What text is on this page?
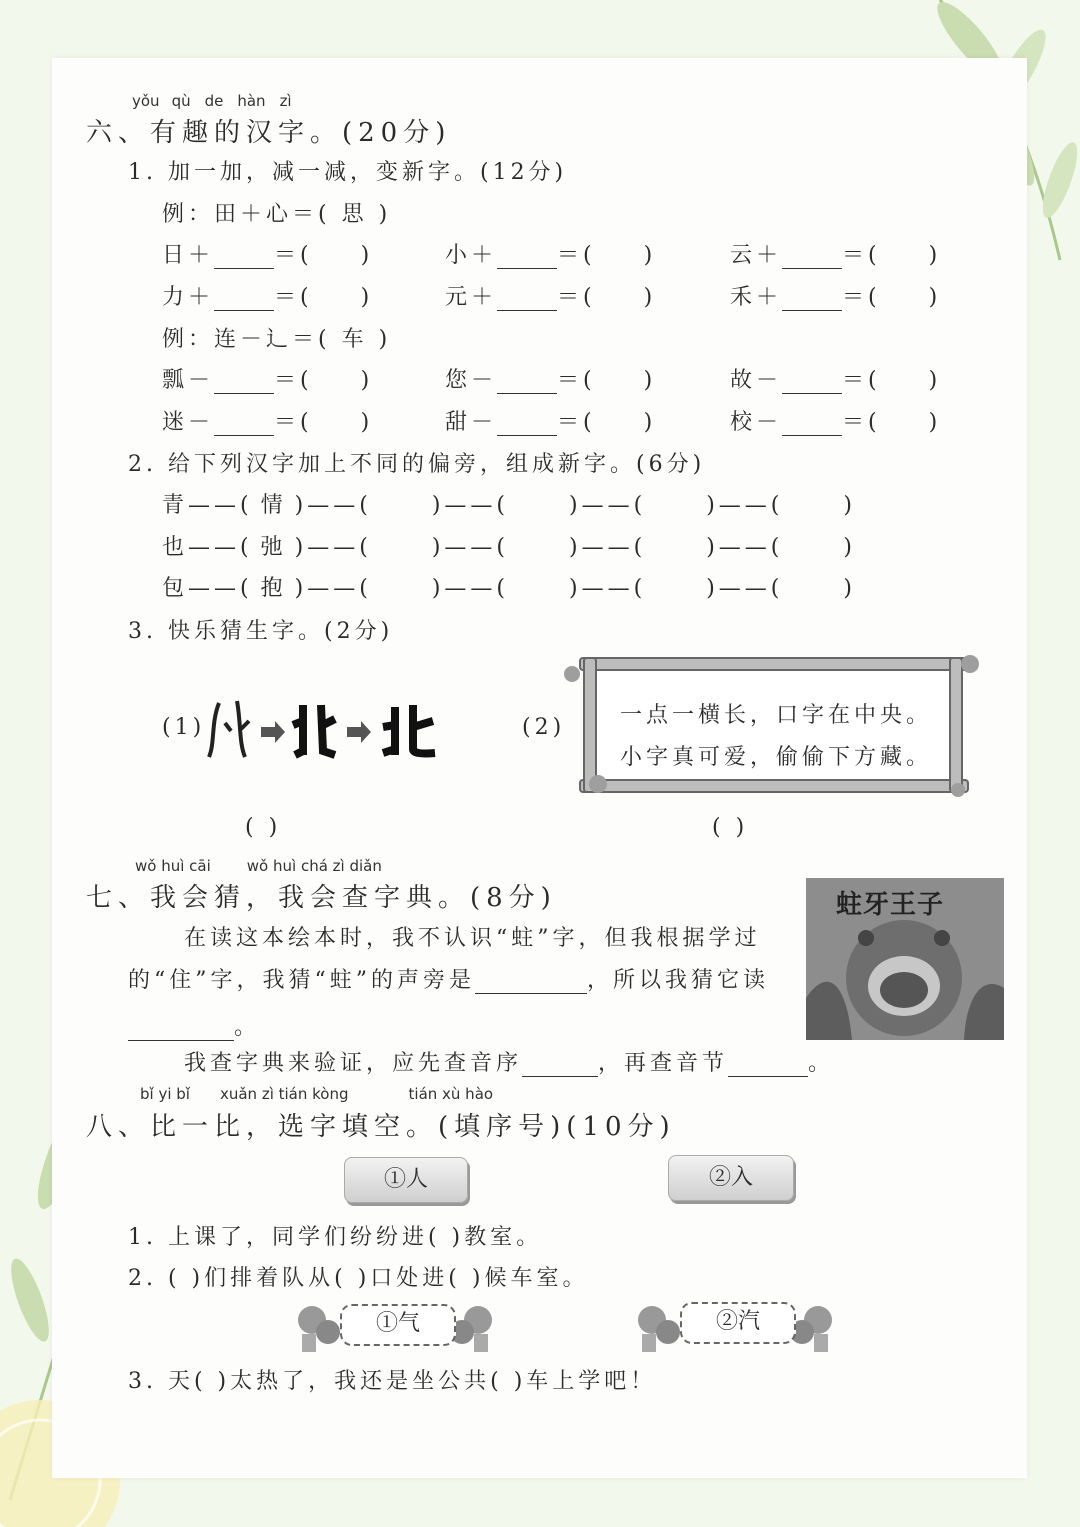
yǒu qù de hàn zì
六、有趣的汉字。(20分)
1. 加一加，减一减，变新字。(12分)
例：田＋心＝( 思 )
日＋	＝( )	小＋	＝( )	云＋	＝( )
力＋	＝( )	元＋	＝( )	禾＋	＝( )
例：连－辶＝( 车 )
瓢－	＝( )	您－	＝( )	故－	＝( )
迷－	＝( )	甜－	＝( )	校－	＝( )
2. 给下列汉字加上不同的偏旁，组成新字。(6分)
青——( 情 )——(	)——(	)——(	)——(	)
也——( 弛 )——(	)——(	)——(	)——(	)
包——( 抱 )——(	)——(	)——(	)——(	)
3. 快乐猜生字。(2分)
(1)
( )
(2) 一点一横长，口字在中央。
小字真可爱，偷偷下方藏。
( )
wǒ huì cāi wǒ huì chá zì diǎn
七、我会猜，我会查字典。(8分)
在读这本绘本时，我不认识“蛀”字，但我根据学过
的“住”字，我猜“蛀”的声旁是	，所以我猜它读
。
我查字典来验证，应先查音序	，再查音节	。
蛀牙王子
bǐ yi bǐ xuǎn zì tián kòng	tián xù hào
八、比一比，选字填空。(填序号)(10分)
①人	②入
1. 上课了，同学们纷纷进( )教室。
2. ( )们排着队从( )口处进( )候车室。
①气	②汽
3. 天( )太热了，我还是坐公共( )车上学吧！
